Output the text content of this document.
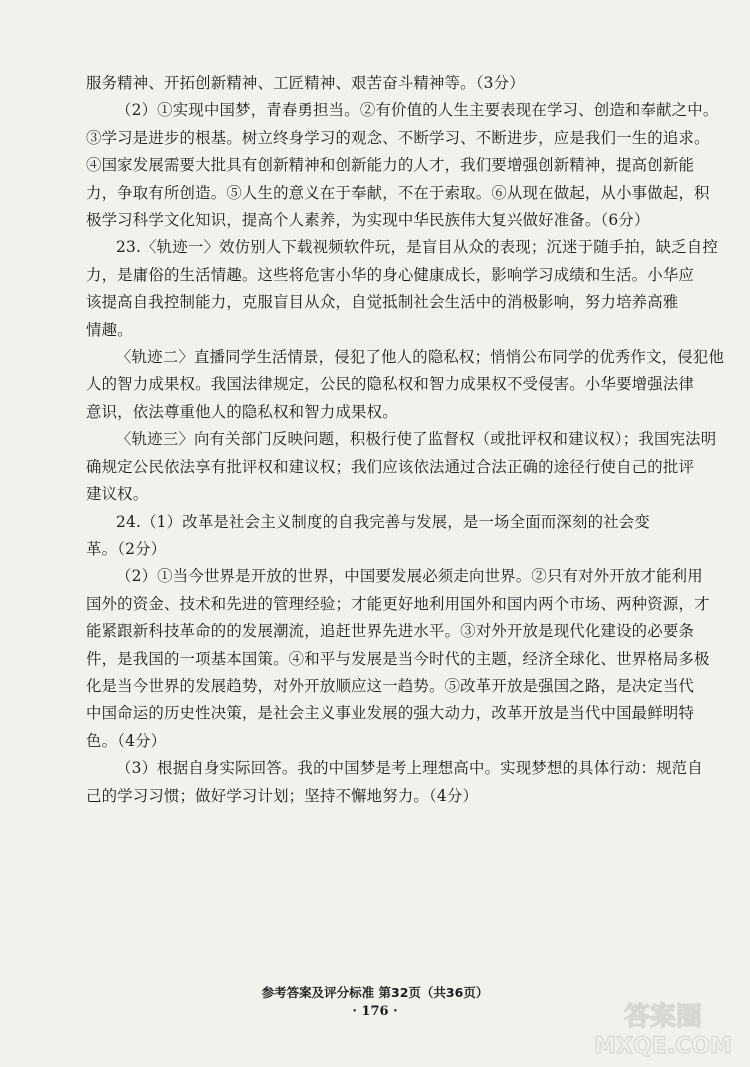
服务精神、开拓创新精神、工匠精神、艰苦奋斗精神等。（3分）
（2）①实现中国梦，青春勇担当。②有价值的人生主要表现在学习、创造和奉献之中。
③学习是进步的根基。树立终身学习的观念、不断学习、不断进步，应是我们一生的追求。
④国家发展需要大批具有创新精神和创新能力的人才，我们要增强创新精神，提高创新能
力，争取有所创造。⑤人生的意义在于奉献，不在于索取。⑥从现在做起，从小事做起，积
极学习科学文化知识，提高个人素养，为实现中华民族伟大复兴做好准备。（6分）
23.〈轨迹一〉效仿别人下载视频软件玩，是盲目从众的表现；沉迷于随手拍，缺乏自控
力，是庸俗的生活情趣。这些将危害小华的身心健康成长，影响学习成绩和生活。小华应
该提高自我控制能力，克服盲目从众，自觉抵制社会生活中的消极影响，努力培养高雅
情趣。
〈轨迹二〉直播同学生活情景，侵犯了他人的隐私权；悄悄公布同学的优秀作文，侵犯他
人的智力成果权。我国法律规定，公民的隐私权和智力成果权不受侵害。小华要增强法律
意识，依法尊重他人的隐私权和智力成果权。
〈轨迹三〉向有关部门反映问题，积极行使了监督权（或批评权和建议权）；我国宪法明
确规定公民依法享有批评权和建议权；我们应该依法通过合法正确的途径行使自己的批评
建议权。
24.（1）改革是社会主义制度的自我完善与发展，是一场全面而深刻的社会变
革。（2分）
（2）①当今世界是开放的世界，中国要发展必须走向世界。②只有对外开放才能利用
国外的资金、技术和先进的管理经验；才能更好地利用国外和国内两个市场、两种资源，才
能紧跟新科技革命的的发展潮流，追赶世界先进水平。③对外开放是现代化建设的必要条
件，是我国的一项基本国策。④和平与发展是当今时代的主题，经济全球化、世界格局多极
化是当今世界的发展趋势，对外开放顺应这一趋势。⑤改革开放是强国之路，是决定当代
中国命运的历史性决策，是社会主义事业发展的强大动力，改革开放是当代中国最鲜明特
色。（4分）
（3）根据自身实际回答。我的中国梦是考上理想高中。实现梦想的具体行动：规范自
己的学习习惯；做好学习计划；坚持不懈地努力。（4分）
参考答案及评分标准 第32页（共36页）
· 176 ·	答案圈
MXQE.COM
